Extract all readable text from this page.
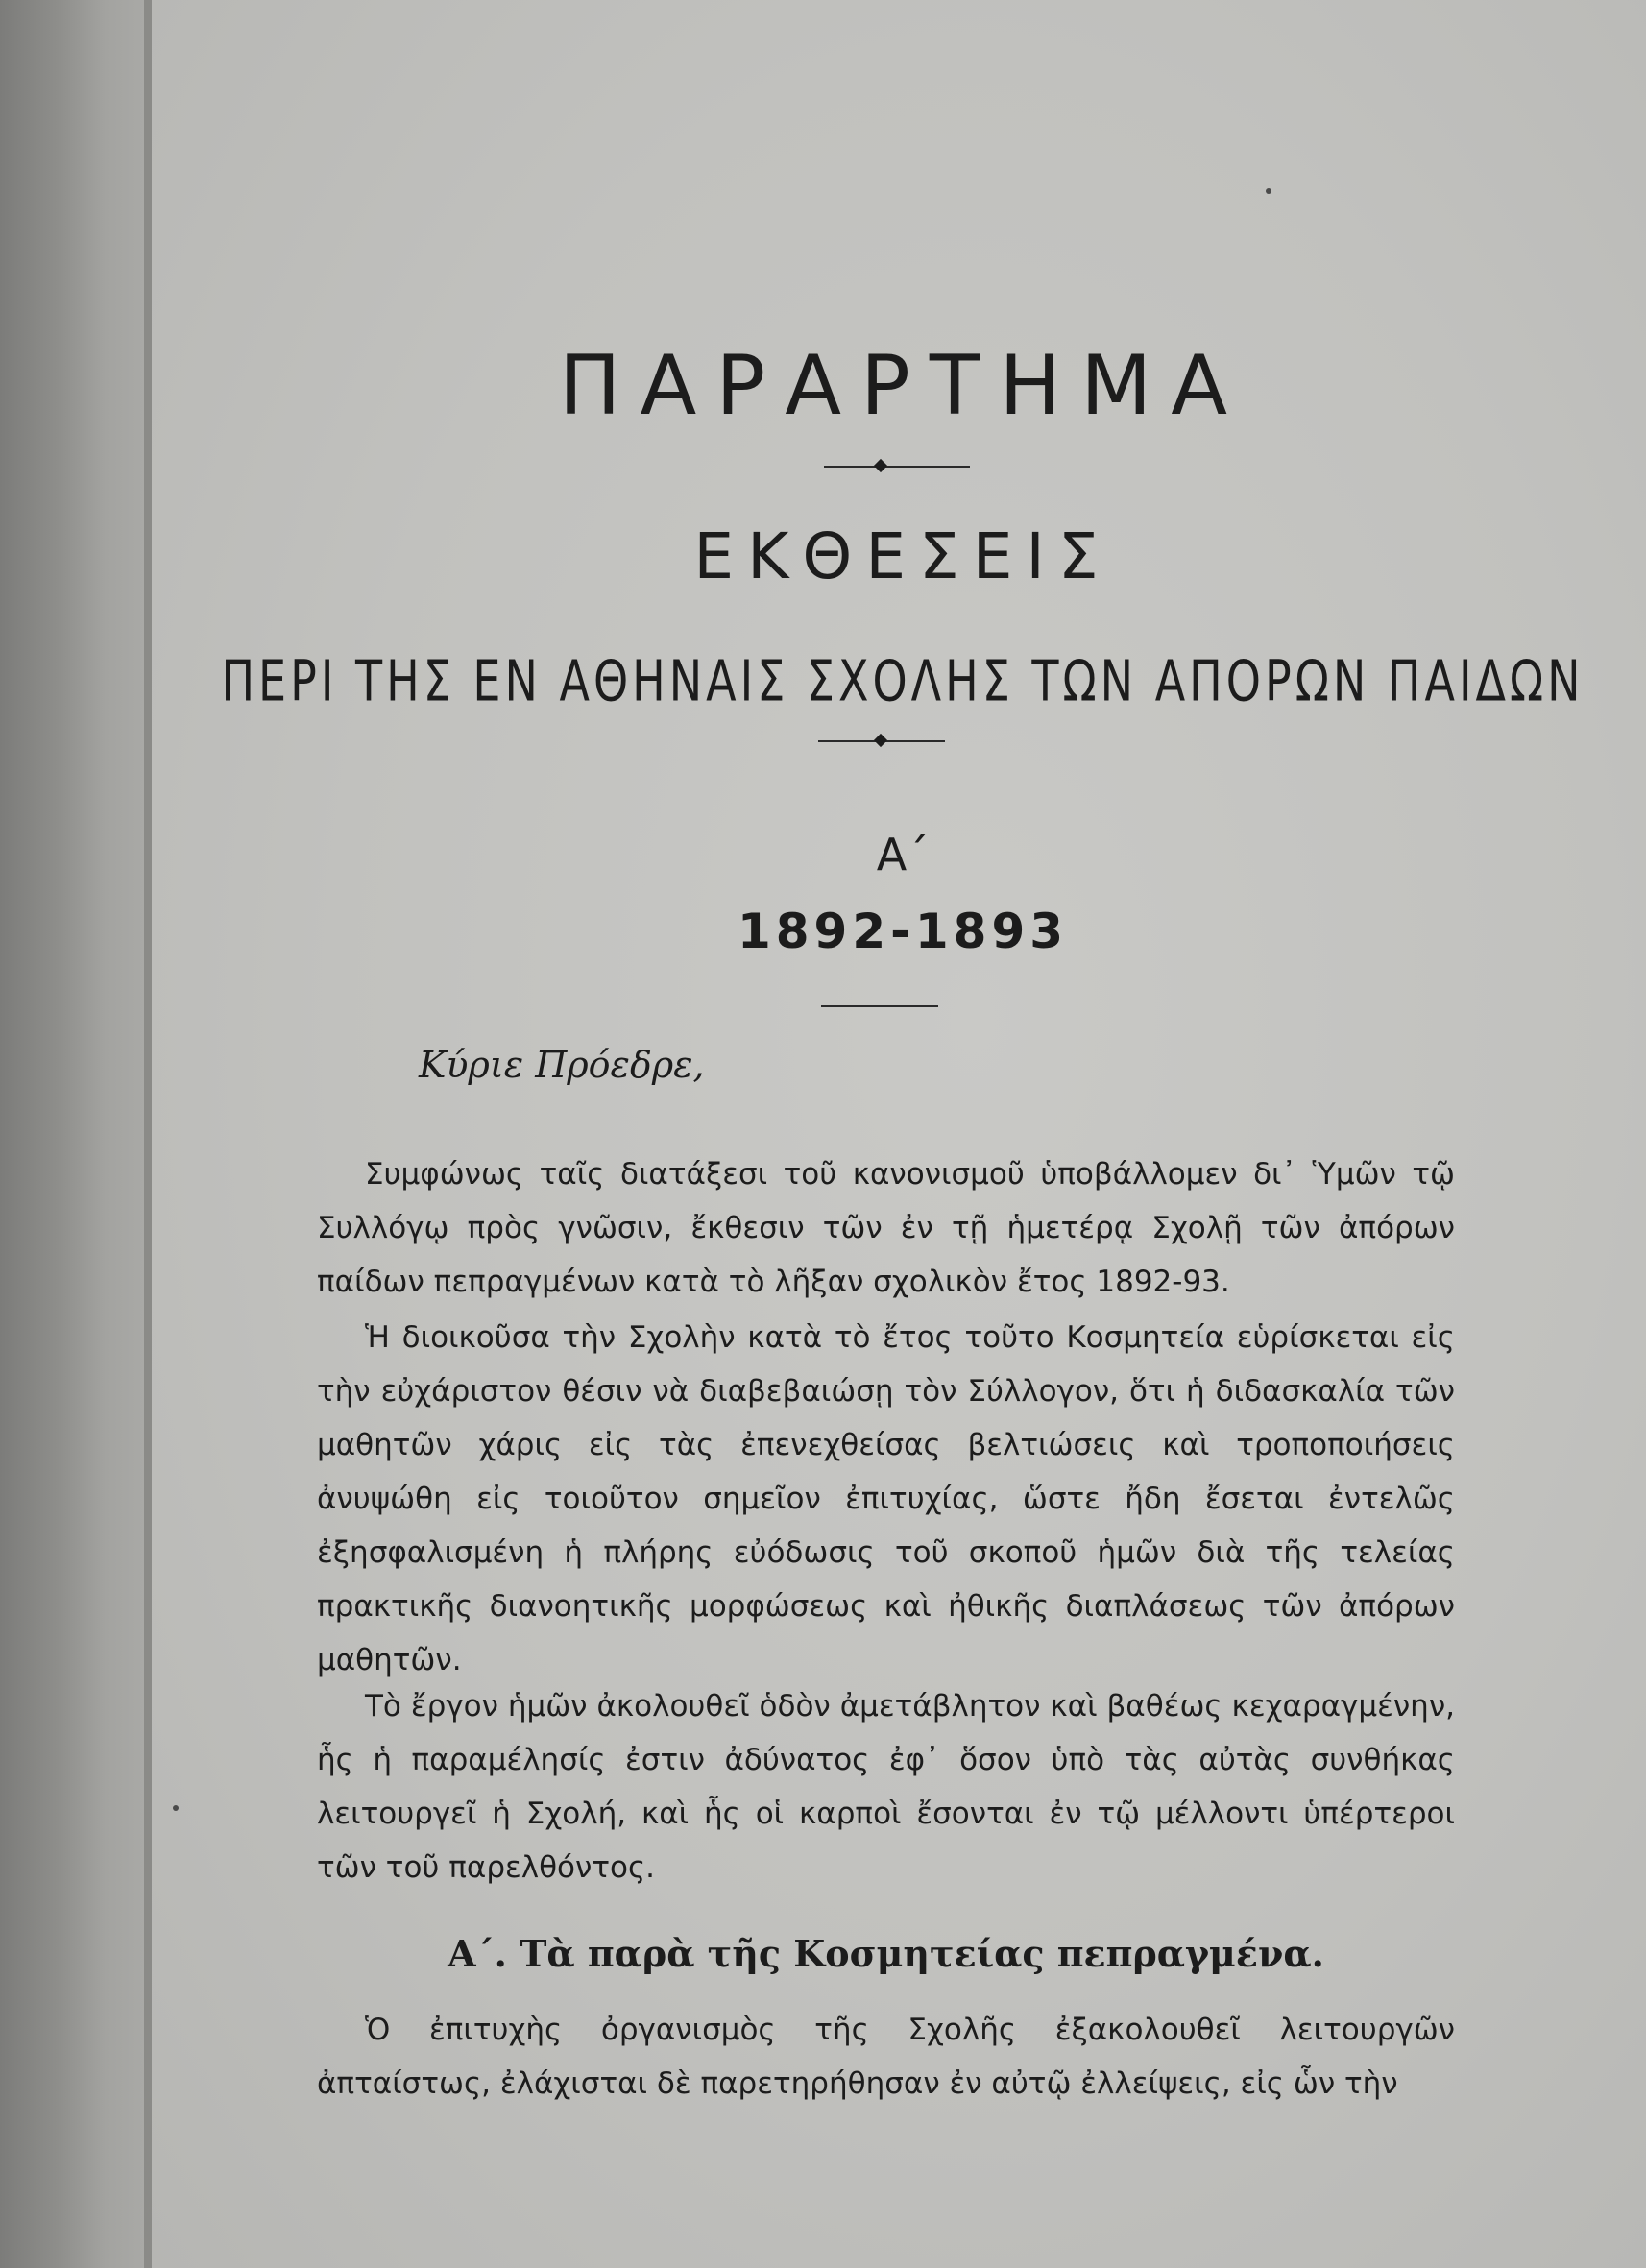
ΠΑΡΑΡΤΗΜΑ
ΕΚΘΕΣΕΙΣ
ΠΕΡΙ ΤΗΣ ΕΝ ΑΘΗΝΑΙΣ ΣΧΟΛΗΣ ΤΩΝ ΑΠΟΡΩΝ ΠΑΙΔΩΝ
Α΄
1892-1893
Κύριε Πρόεδρε,

Συμφώνως ταῖς διατάξεσι τοῦ κανονισμοῦ ὑποβάλλομεν δι᾽ Ὑμῶν τῷ Συλλόγῳ πρὸς γνῶσιν, ἔκθεσιν τῶν ἐν τῇ ἡμετέρᾳ Σχολῇ τῶν ἀπόρων παίδων πεπραγμένων κατὰ τὸ λῆξαν σχολικὸν ἔτος 1892-93.

Ἡ διοικοῦσα τὴν Σχολὴν κατὰ τὸ ἔτος τοῦτο Κοσμητεία εὑρίσκεται εἰς τὴν εὐχάριστον θέσιν νὰ διαβεβαιώσῃ τὸν Σύλλογον, ὅτι ἡ διδασκαλία τῶν μαθητῶν χάρις εἰς τὰς ἐπενεχθείσας βελτιώσεις καὶ τροποποιήσεις ἀνυψώθη εἰς τοιοῦτον σημεῖον ἐπιτυχίας, ὥστε ἤδη ἔσεται ἐντελῶς ἐξησφαλισμένη ἡ πλήρης εὐόδωσις τοῦ σκοποῦ ἡμῶν διὰ τῆς τελείας πρακτικῆς διανοητικῆς μορφώσεως καὶ ἠθικῆς διαπλάσεως τῶν ἀπόρων μαθητῶν.

Τὸ ἔργον ἡμῶν ἀκολουθεῖ ὁδὸν ἀμετάβλητον καὶ βαθέως κεχαραγμένην, ἧς ἡ παραμέλησίς ἐστιν ἀδύνατος ἐφ᾽ ὅσον ὑπὸ τὰς αὐτὰς συνθήκας λειτουργεῖ ἡ Σχολή, καὶ ἧς οἱ καρποὶ ἔσονται ἐν τῷ μέλλοντι ὑπέρτεροι τῶν τοῦ παρελθόντος.

Α΄. Τὰ παρὰ τῆς Κοσμητείας πεπραγμένα.

Ὁ ἐπιτυχὴς ὀργανισμὸς τῆς Σχολῆς ἐξακολουθεῖ λειτουργῶν ἀπταίστως, ἐλάχισται δὲ παρετηρήθησαν ἐν αὐτῷ ἐλλείψεις, εἰς ὧν τὴν
